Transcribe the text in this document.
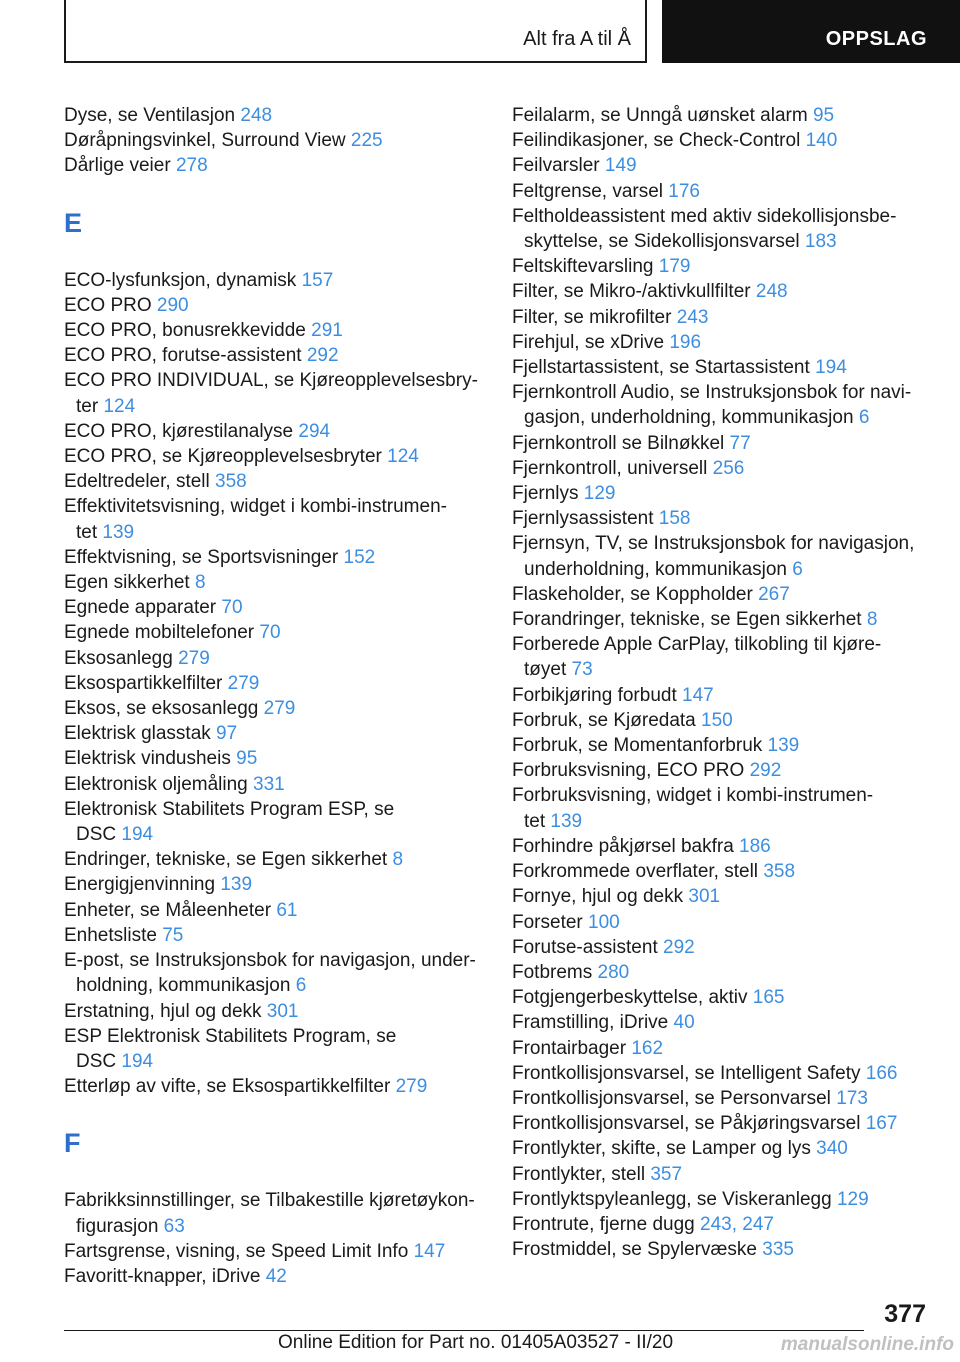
Alt fra A til Å	OPPSLAG
Dyse, se Ventilasjon 248
Døråpningsvinkel, Surround View 225
Dårlige veier 278
E
ECO-lysfunksjon, dynamisk 157
ECO PRO 290
ECO PRO, bonusrekkevidde 291
ECO PRO, forutse-assistent 292
ECO PRO INDIVIDUAL, se Kjøreopplevelsesbry-
ter 124
ECO PRO, kjørestilanalyse 294
ECO PRO, se Kjøreopplevelsesbryter 124
Edeltredeler, stell 358
Effektivitetsvisning, widget i kombi-instrumen-
tet 139
Effektvisning, se Sportsvisninger 152
Egen sikkerhet 8
Egnede apparater 70
Egnede mobiltelefoner 70
Eksosanlegg 279
Eksospartikkelfilter 279
Eksos, se eksosanlegg 279
Elektrisk glasstak 97
Elektrisk vindusheis 95
Elektronisk oljemåling 331
Elektronisk Stabilitets Program ESP, se
DSC 194
Endringer, tekniske, se Egen sikkerhet 8
Energigjenvinning 139
Enheter, se Måleenheter 61
Enhetsliste 75
E-post, se Instruksjonsbok for navigasjon, under-
holdning, kommunikasjon 6
Erstatning, hjul og dekk 301
ESP Elektronisk Stabilitets Program, se
DSC 194
Etterløp av vifte, se Eksospartikkelfilter 279
F
Fabrikksinnstillinger, se Tilbakestille kjøretøykon-
figurasjon 63
Fartsgrense, visning, se Speed Limit Info 147
Favoritt-knapper, iDrive 42
Feilalarm, se Unngå uønsket alarm 95
Feilindikasjoner, se Check-Control 140
Feilvarsler 149
Feltgrense, varsel 176
Feltholdeassistent med aktiv sidekollisjonsbe-
skyttelse, se Sidekollisjonsvarsel 183
Feltskiftevarsling 179
Filter, se Mikro-/aktivkullfilter 248
Filter, se mikrofilter 243
Firehjul, se xDrive 196
Fjellstartassistent, se Startassistent 194
Fjernkontroll Audio, se Instruksjonsbok for navi-
gasjon, underholdning, kommunikasjon 6
Fjernkontroll se Bilnøkkel 77
Fjernkontroll, universell 256
Fjernlys 129
Fjernlysassistent 158
Fjernsyn, TV, se Instruksjonsbok for navigasjon,
underholdning, kommunikasjon 6
Flaskeholder, se Koppholder 267
Forandringer, tekniske, se Egen sikkerhet 8
Forberede Apple CarPlay, tilkobling til kjøre-
tøyet 73
Forbikjøring forbudt 147
Forbruk, se Kjøredata 150
Forbruk, se Momentanforbruk 139
Forbruksvisning, ECO PRO 292
Forbruksvisning, widget i kombi-instrumen-
tet 139
Forhindre påkjørsel bakfra 186
Forkrommede overflater, stell 358
Fornye, hjul og dekk 301
Forseter 100
Forutse-assistent 292
Fotbrems 280
Fotgjengerbeskyttelse, aktiv 165
Framstilling, iDrive 40
Frontairbager 162
Frontkollisjonsvarsel, se Intelligent Safety 166
Frontkollisjonsvarsel, se Personvarsel 173
Frontkollisjonsvarsel, se Påkjøringsvarsel 167
Frontlykter, skifte, se Lamper og lys 340
Frontlykter, stell 357
Frontlyktspyleanlegg, se Viskeranlegg 129
Frontrute, fjerne dugg 243, 247
Frostmiddel, se Spylervæske 335
377
Online Edition for Part no. 01405A03527 - II/20	manualsonline.info
